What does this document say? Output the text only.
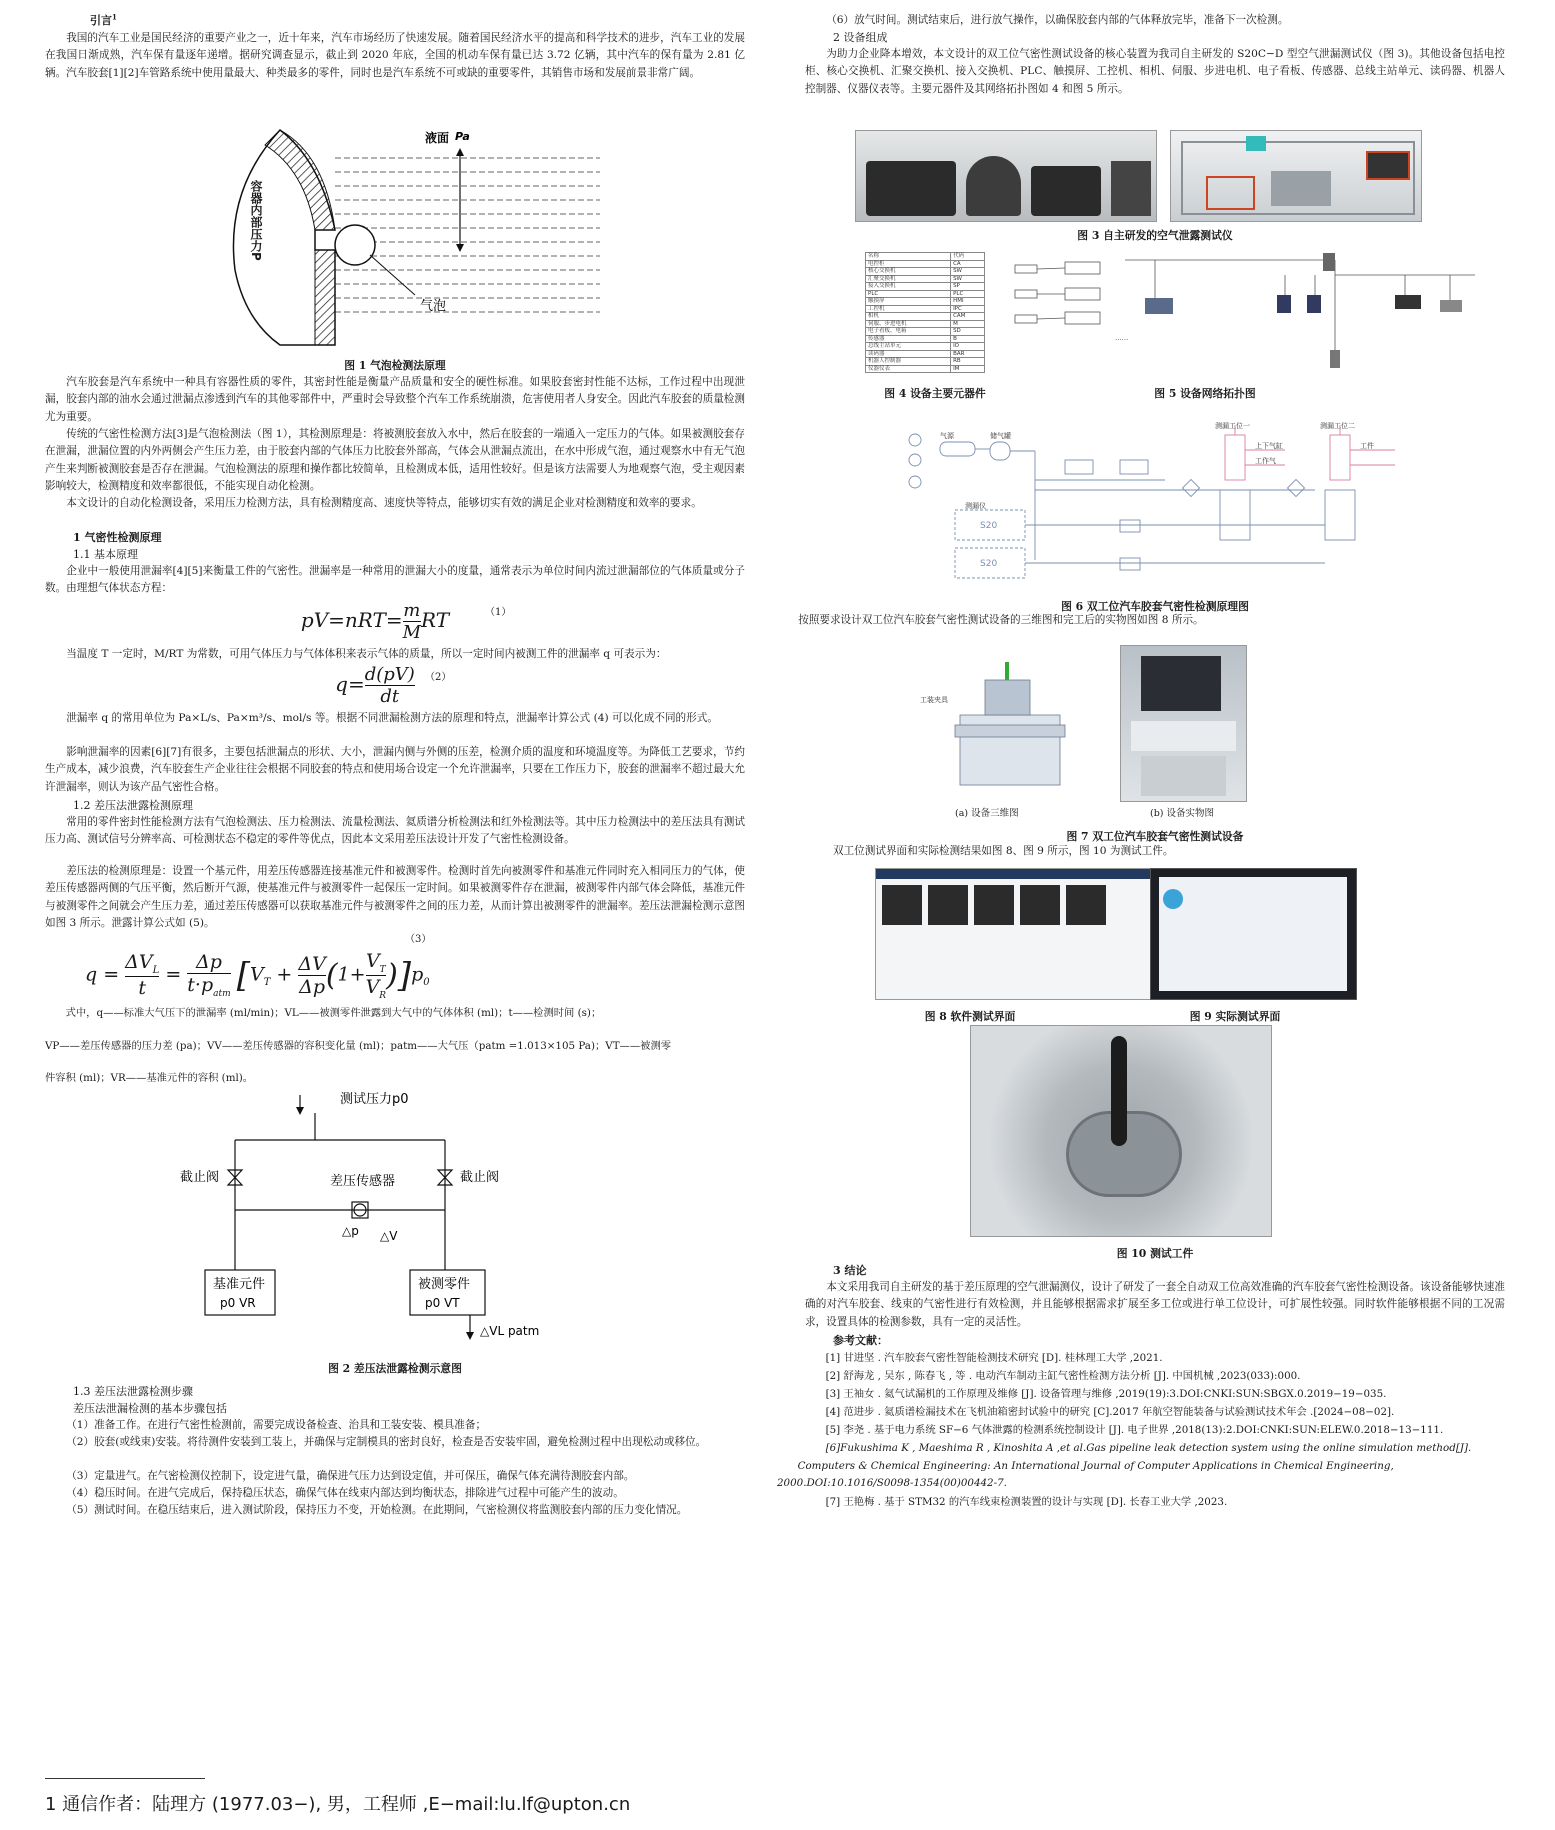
引言$^1$

我国的汽车工业是国民经济的重要产业之一，近十年来，汽车市场经历了快速发展。随着国民经济水平的提高和科学技术的进步，汽车工业的发展在我国日渐成熟，汽车保有量逐年递增。据研究调查显示，截止到 2020 年底，全国的机动车保有量已达 3.72 亿辆，其中汽车的保有量为 2.81 亿辆。汽车胶套[1][2]车管路系统中使用量最大、种类最多的零件，同时也是汽车系统不可或缺的重要零件，其销售市场和发展前景非常广阔。

液面 Pa
气泡
容器内部压力P
图 1 气泡检测法原理

汽车胶套是汽车系统中一种具有容器性质的零件，其密封性能是衡量产品质量和安全的硬性标准。如果胶套密封性能不达标，工作过程中出现泄漏，胶套内部的油水会通过泄漏点渗透到汽车的其他零部件中，严重时会导致整个汽车工作系统崩溃，危害使用者人身安全。因此汽车胶套的质量检测尤为重要。

传统的气密性检测方法[3]是气泡检测法（图 1），其检测原理是：将被测胶套放入水中，然后在胶套的一端通入一定压力的气体。如果被测胶套存在泄漏，泄漏位置的内外两侧会产生压力差，由于胶套内部的气体压力比胶套外部高，气体会从泄漏点流出，在水中形成气泡，通过观察水中有无气泡产生来判断被测胶套是否存在泄漏。气泡检测法的原理和操作都比较简单，且检测成本低，适用性较好。但是该方法需要人为地观察气泡，受主观因素影响较大，检测精度和效率都很低，不能实现自动化检测。

本文设计的自动化检测设备，采用压力检测方法，具有检测精度高、速度快等特点，能够切实有效的满足企业对检测精度和效率的要求。

1 气密性检测原理

1.1 基本原理

企业中一般使用泄漏率[4][5]来衡量工件的气密性。泄漏率是一种常用的泄漏大小的度量，通常表示为单位时间内流过泄漏部位的气体质量或分子数。由理想气体状态方程：

$pV=nRT= \frac{m}{M}$ RT	（1）

当温度 T 一定时，M/RT 为常数，可用气体压力与气体体积来表示气体的质量，所以一定时间内被测工件的泄漏率 q 可表示为：

$q= \frac{d(pV)}{dt} (2)$

泄漏率 q 的常用单位为 Pa×L/s、Pa×m³/s、mol/s 等。根据不同泄漏检测方法的原理和特点，泄漏率计算公式 (4) 可以化成不同的形式。

影响泄漏率的因素[6][7]有很多，主要包括泄漏点的形状、大小，泄漏内侧与外侧的压差，检测介质的温度和环境温度等。为降低工艺要求，节约生产成本，减少浪费，汽车胶套生产企业往往会根据不同胶套的特点和使用场合设定一个允许泄漏率，只要在工作压力下，胶套的泄漏率不超过最大允许泄漏率，则认为该产品气密性合格。

1.2 差压法泄露检测原理

常用的零件密封性能检测方法有气泡检测法、压力检测法、流量检测法、氦质谱分析检测法和红外检测法等。其中压力检测法中的差压法具有测试压力高、测试信号分辨率高、可检测状态不稳定的零件等优点，因此本文采用差压法设计开发了气密性检测设备。

差压法的检测原理是：设置一个基元件，用差压传感器连接基准元件和被测零件。检测时首先向被测零件和基准元件同时充入相同压力的气体，使差压传感器两侧的气压平衡，然后断开气源，使基准元件与被测零件一起保压一定时间。如果被测零件存在泄漏，被测零件内部气体会降低，基准元件与被测零件之间就会产生压力差，通过差压传感器可以获取基准元件与被测零件之间的压力差，从而计算出被测零件的泄漏率。差压法泄漏检测示意图如图 3 所示。泄露计算公式如 (5)。

（3）
q =
$\Delta V_L$
t
=
Δp
$t\cdot p_{atm}$ $[V_T + \frac{\Delta V}{\Delta p} (1+ \frac{V_T}{V_R} )]p_0$

式中，q——标准大气压下的泄漏率 (ml/min)；VL——被测零件泄露到大气中的气体体积 (ml)；t——检测时间 (s)；

VP——差压传感器的压力差 (pa)；VV——差压传感器的容积变化量 (ml)；patm——大气压（patm =1.013×105 Pa)；VT——被测零

件容积 (ml)；VR——基准元件的容积 (ml)。

测试压力p0
截止阀	截止阀
差压传感器
△p △V
基准元件
p0 VR
被测零件
p0 VT
△VL patm
图 2 差压法泄露检测示意图

1.3 差压法泄露检测步骤

差压法泄漏检测的基本步骤包括

（1）准备工作。在进行气密性检测前，需要完成设备检查、治具和工装安装、模具准备；

（2）胶套(或线束)安装。将待测件安装到工装上，并确保与定制模具的密封良好，检查是否安装牢固，避免检测过程中出现松动或移位。

（3）定量进气。在气密检测仪控制下，设定进气量，确保进气压力达到设定值，并可保压，确保气体充满待测胶套内部。

（4）稳压时间。在进气完成后，保持稳压状态，确保气体在线束内部达到均衡状态，排除进气过程中可能产生的波动。

（5）测试时间。在稳压结束后，进入测试阶段，保持压力不变，开始检测。在此期间，气密检测仪将监测胶套内部的压力变化情况。

1 通信作者：陆理方 (1977.03−), 男，工程师 ,E−mail:lu.lf@upton.cn

（6）放气时间。测试结束后，进行放气操作，以确保胶套内部的气体释放完毕，准备下一次检测。

2 设备组成

为助力企业降本增效，本文设计的双工位气密性测试设备的核心装置为我司自主研发的 S20C−D 型空气泄漏测试仪（图 3)。其他设备包括电控柜、核心交换机、汇聚交换机、接入交换机、PLC、触摸屏、工控机、相机、伺服、步进电机、电子看板、传感器、总线主站单元、读码器、机器人控制器、仪器仪表等。主要元器件及其网络拓扑图如 4 和图 5 所示。

图 3 自主研发的空气泄露测试仪
名称	代码
电控柜	CA
核心交换机	SW
汇聚交换机	SW
接入交换机	SP
PLC	PLC
触摸屏	HMI
工控机	IPC
相机	CAM
伺服、步进电机	M
电子看板、电箱	SD
传感器	B
总线主站单元	IO
读码器	BAR
机器人控制器	RB
仪器仪表	IM
......
图 4 设备主要元器件	图 5 设备网络拓扑图
气源	储气罐
测漏工位一	测漏工位二
测漏仪
S20
S20
上下气缸
工作气
工件
图 6 双工位汽车胶套气密性检测原理图

按照要求设计双工位汽车胶套气密性测试设备的三维图和完工后的实物图如图 8 所示。

工装夹具
(a) 设备三维图	(b) 设备实物图
图 7 双工位汽车胶套气密性测试设备

双工位测试界面和实际检测结果如图 8、图 9 所示，图 10 为测试工件。

图 8 软件测试界面	图 9 实际测试界面
图 10 测试工件

3 结论

本文采用我司自主研发的基于差压原理的空气泄漏测仪，设计了研发了一套全自动双工位高效准确的汽车胶套气密性检测设备。该设备能够快速准确的对汽车胶套、线束的气密性进行有效检测，并且能够根据需求扩展至多工位或进行单工位设计，可扩展性较强。同时软件能够根据不同的工况需求，设置具体的检测参数，具有一定的灵活性。

参考文献：

[1] 甘进坚 . 汽车胶套气密性智能检测技术研究 [D]. 桂林理工大学 ,2021.

[2] 舒海龙 , 吴东 , 陈春飞 , 等 . 电动汽车制动主缸气密性检测方法分析 [J]. 中国机械 ,2023(033):000.

[3] 王袖女 . 氦气试漏机的工作原理及维修 [J]. 设备管理与维修 ,2019(19):3.DOI:CNKI:SUN:SBGX.0.2019−19−035.

[4] 范进步 . 氦质谱检漏技术在飞机油箱密封试验中的研究 [C].2017 年航空智能装备与试验测试技术年会 .[2024−08−02].

[5] 李尧 . 基于电力系统 SF−6 气体泄露的检测系统控制设计 [J]. 电子世界 ,2018(13):2.DOI:CNKI:SUN:ELEW.0.2018−13−111.

[6]Fukushima K , Maeshima R , Kinoshita A ,et al.Gas pipeline leak detection system using the online simulation method[J].

Computers & Chemical Engineering: An International Journal of Computer Applications in Chemical Engineering, 2000.DOI:10.1016/S0098-1354(00)00442-7.

[7] 王艳梅 . 基于 STM32 的汽车线束检测装置的设计与实现 [D]. 长春工业大学 ,2023.
